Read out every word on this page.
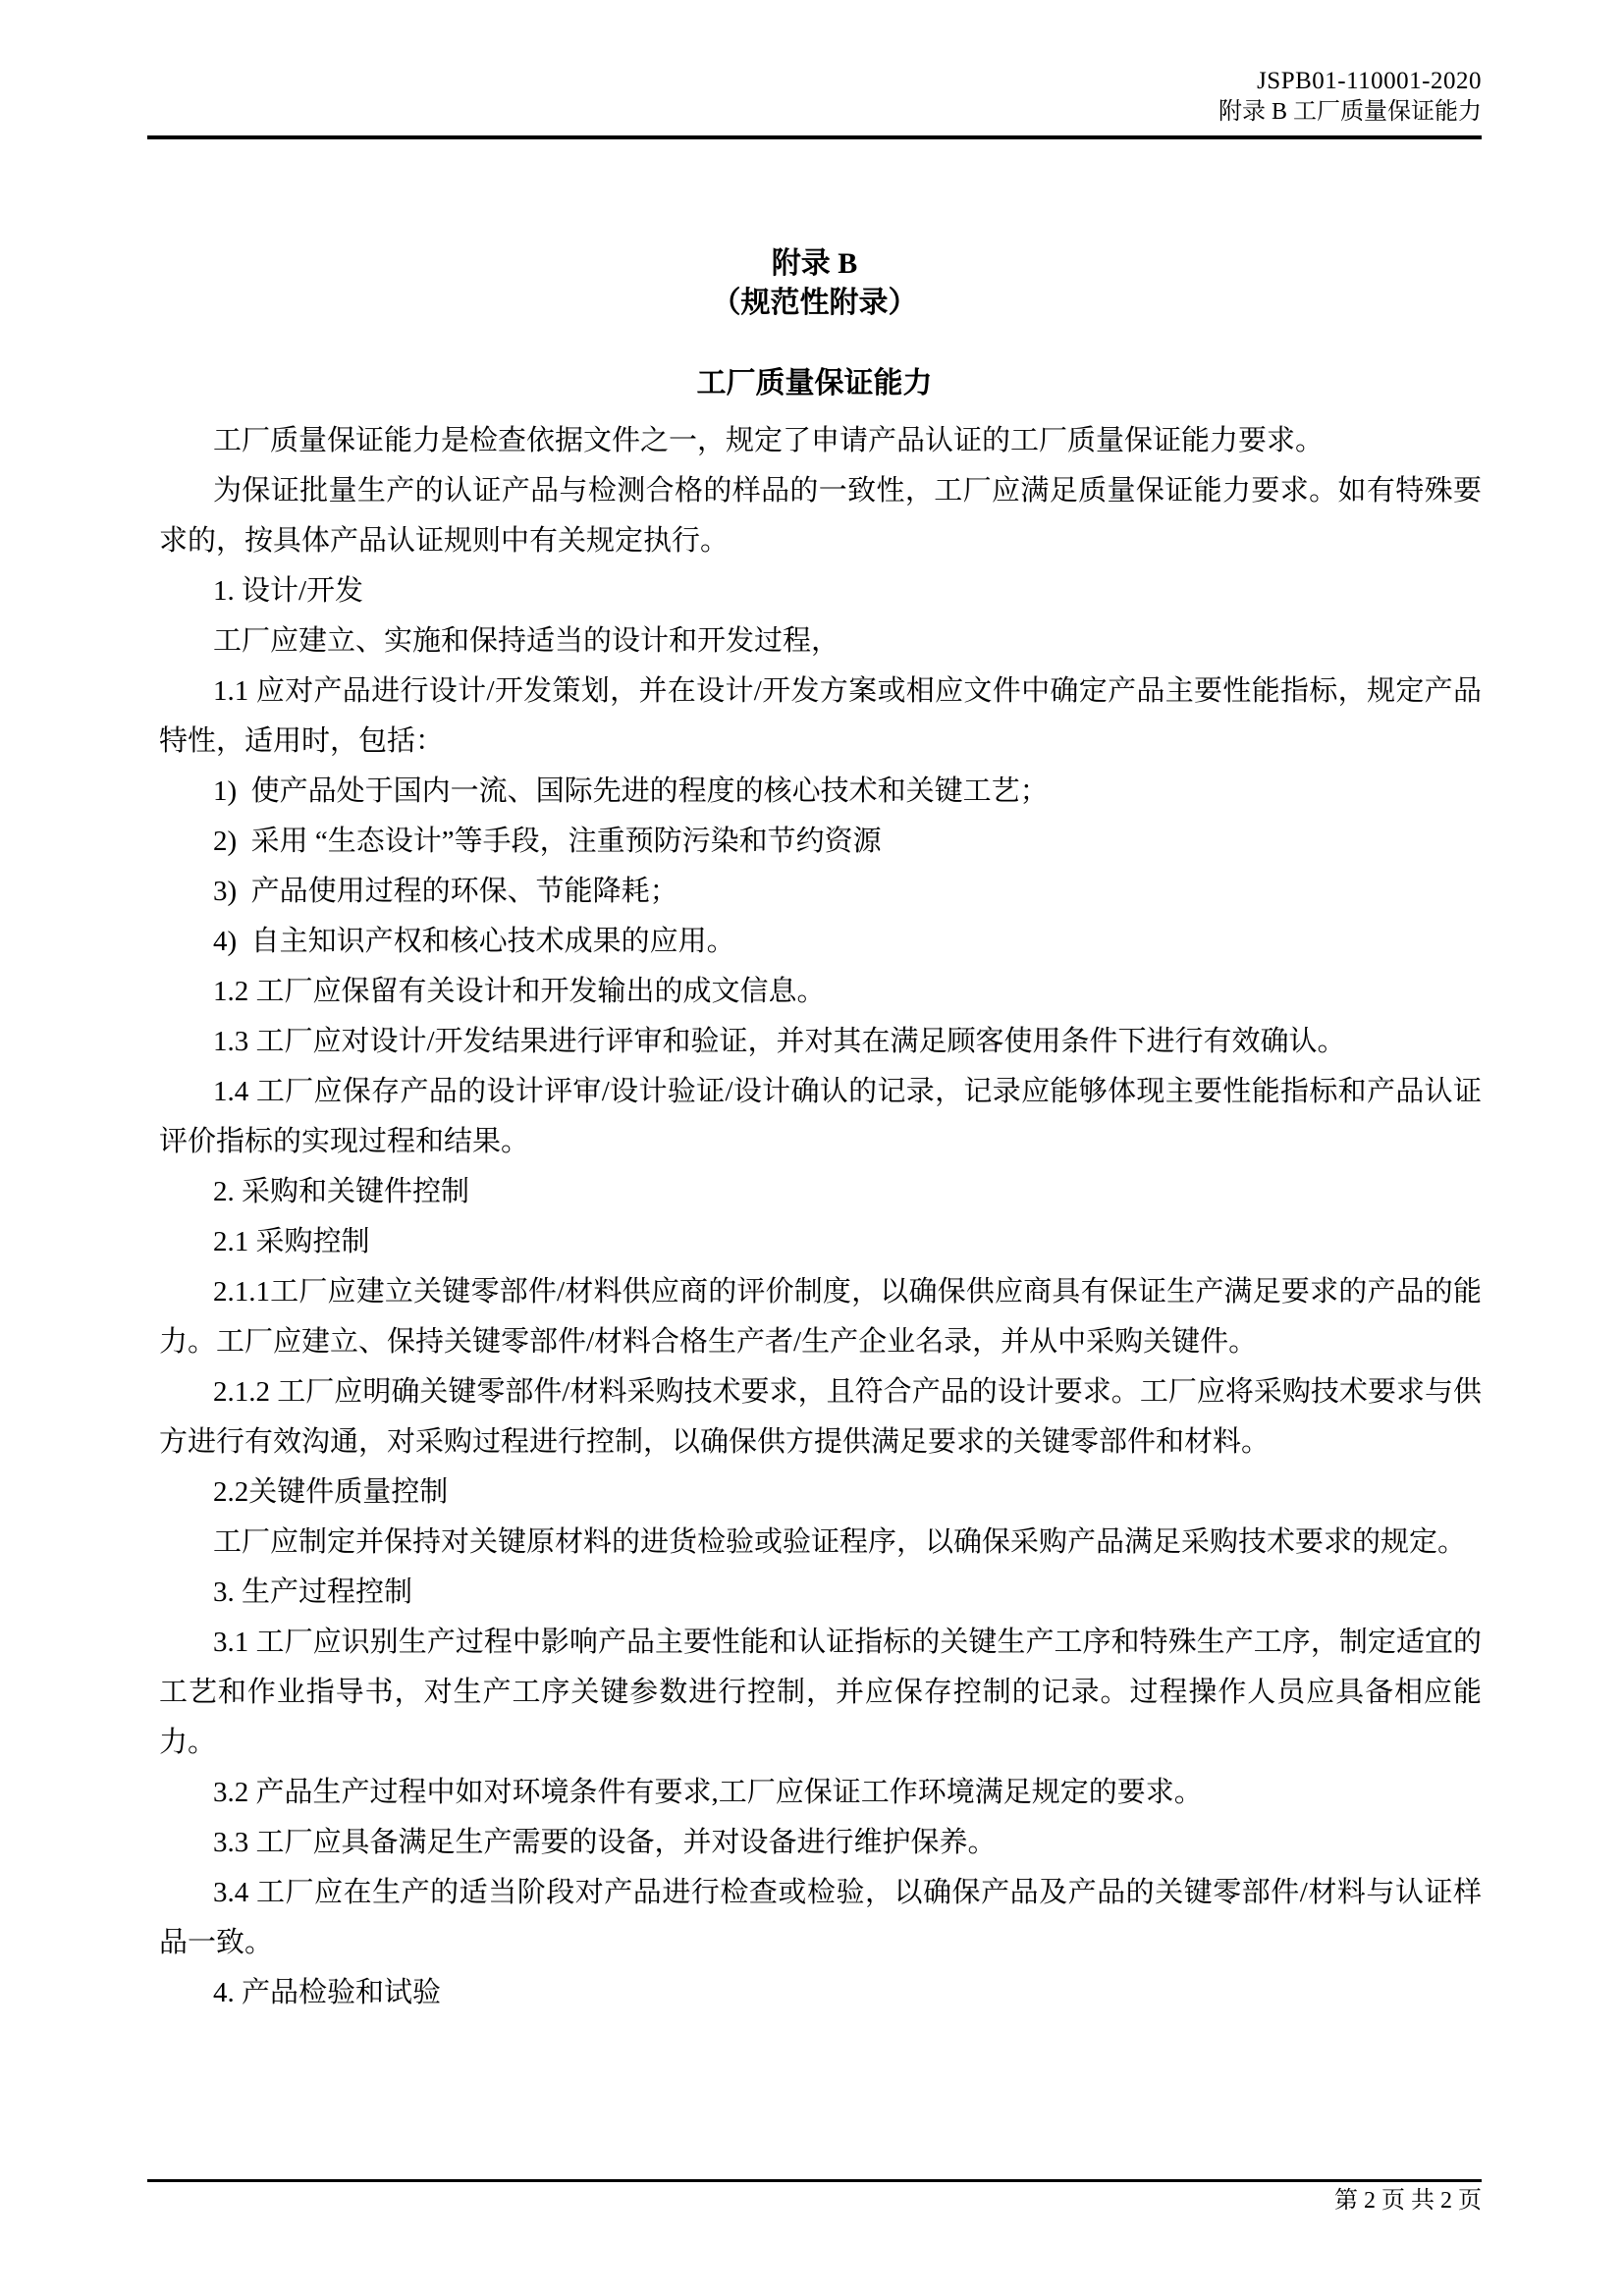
JSPB01-110001-2020
附录 B 工厂质量保证能力
附录 B
（规范性附录）
工厂质量保证能力

工厂质量保证能力是检查依据文件之一，规定了申请产品认证的工厂质量保证能力要求。

为保证批量生产的认证产品与检测合格的样品的一致性，工厂应满足质量保证能力要求。如有特殊要求的，按具体产品认证规则中有关规定执行。

1. 设计/开发

工厂应建立、实施和保持适当的设计和开发过程，

1.1 应对产品进行设计/开发策划，并在设计/开发方案或相应文件中确定产品主要性能指标，规定产品特性，适用时，包括：

1) 使产品处于国内一流、国际先进的程度的核心技术和关键工艺；

2) 采用 “生态设计”等手段，注重预防污染和节约资源

3) 产品使用过程的环保、节能降耗；

4) 自主知识产权和核心技术成果的应用。

1.2 工厂应保留有关设计和开发输出的成文信息。

1.3 工厂应对设计/开发结果进行评审和验证，并对其在满足顾客使用条件下进行有效确认。

1.4 工厂应保存产品的设计评审/设计验证/设计确认的记录，记录应能够体现主要性能指标和产品认证评价指标的实现过程和结果。

2. 采购和关键件控制

2.1 采购控制

2.1.1工厂应建立关键零部件/材料供应商的评价制度，以确保供应商具有保证生产满足要求的产品的能力。工厂应建立、保持关键零部件/材料合格生产者/生产企业名录，并从中采购关键件。

2.1.2 工厂应明确关键零部件/材料采购技术要求，且符合产品的设计要求。工厂应将采购技术要求与供方进行有效沟通，对采购过程进行控制，以确保供方提供满足要求的关键零部件和材料。

2.2关键件质量控制

工厂应制定并保持对关键原材料的进货检验或验证程序，以确保采购产品满足采购技术要求的规定。

3. 生产过程控制

3.1 工厂应识别生产过程中影响产品主要性能和认证指标的关键生产工序和特殊生产工序，制定适宜的工艺和作业指导书，对生产工序关键参数进行控制，并应保存控制的记录。过程操作人员应具备相应能力。

3.2 产品生产过程中如对环境条件有要求,工厂应保证工作环境满足规定的要求。

3.3 工厂应具备满足生产需要的设备，并对设备进行维护保养。

3.4 工厂应在生产的适当阶段对产品进行检查或检验，以确保产品及产品的关键零部件/材料与认证样品一致。

4. 产品检验和试验

第 2 页 共 2 页
